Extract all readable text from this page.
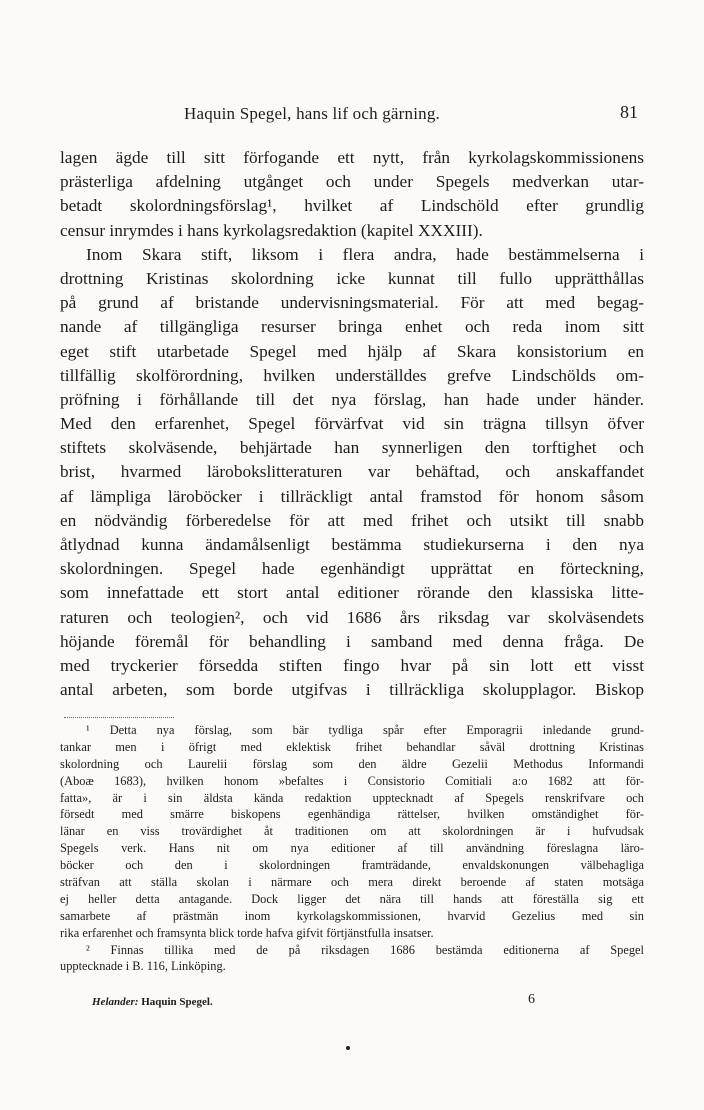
Haquin Spegel, hans lif och gärning.	81
lagen ägde till sitt förfogande ett nytt, från kyrkolagskommissionens
prästerliga afdelning utgånget och under Spegels medverkan utar-
betadt skolordningsförslag¹, hvilket af Lindschöld efter grundlig
censur inrymdes i hans kyrkolagsredaktion (kapitel XXXIII).
Inom Skara stift, liksom i flera andra, hade bestämmelserna i
drottning Kristinas skolordning icke kunnat till fullo upprätthållas
på grund af bristande undervisningsmaterial. För att med begag-
nande af tillgängliga resurser bringa enhet och reda inom sitt
eget stift utarbetade Spegel med hjälp af Skara konsistorium en
tillfällig skolförordning, hvilken underställdes grefve Lindschölds om-
pröfning i förhållande till det nya förslag, han hade under händer.
Med den erfarenhet, Spegel förvärfvat vid sin trägna tillsyn öfver
stiftets skolväsende, behjärtade han synnerligen den torftighet och
brist, hvarmed lärobokslitteraturen var behäftad, och anskaffandet
af lämpliga läroböcker i tillräckligt antal framstod för honom såsom
en nödvändig förberedelse för att med frihet och utsikt till snabb
åtlydnad kunna ändamålsenligt bestämma studiekurserna i den nya
skolordningen. Spegel hade egenhändigt upprättat en förteckning,
som innefattade ett stort antal editioner rörande den klassiska litte-
raturen och teologien², och vid 1686 års riksdag var skolväsendets
höjande föremål för behandling i samband med denna fråga. De
med tryckerier försedda stiften fingo hvar på sin lott ett visst
antal arbeten, som borde utgifvas i tillräckliga skolupplagor. Biskop
¹ Detta nya förslag, som bär tydliga spår efter Emporagrii inledande grund-
tankar men i öfrigt med eklektisk frihet behandlar såväl drottning Kristinas
skolordning och Laurelii förslag som den äldre Gezelii Methodus Informandi
(Aboæ 1683), hvilken honom »befaltes i Consistorio Comitiali a:o 1682 att för-
fatta», är i sin äldsta kända redaktion upptecknadt af Spegels renskrifvare och
försedt med smärre biskopens egenhändiga rättelser, hvilken omständighet för-
länar en viss trovärdighet åt traditionen om att skolordningen är i hufvudsak
Spegels verk. Hans nit om nya editioner af till användning föreslagna läro-
böcker och den i skolordningen framträdande, envaldskonungen välbehagliga
sträfvan att ställa skolan i närmare och mera direkt beroende af staten motsäga
ej heller detta antagande. Dock ligger det nära till hands att föreställa sig ett
samarbete af prästmän inom kyrkolagskommissionen, hvarvid Gezelius med sin
rika erfarenhet och framsynta blick torde hafva gifvit förtjänstfulla insatser.
² Finnas tillika med de på riksdagen 1686 bestämda editionerna af Spegel
upptecknade i B. 116, Linköping.
Helander: Haquin Spegel.	6
